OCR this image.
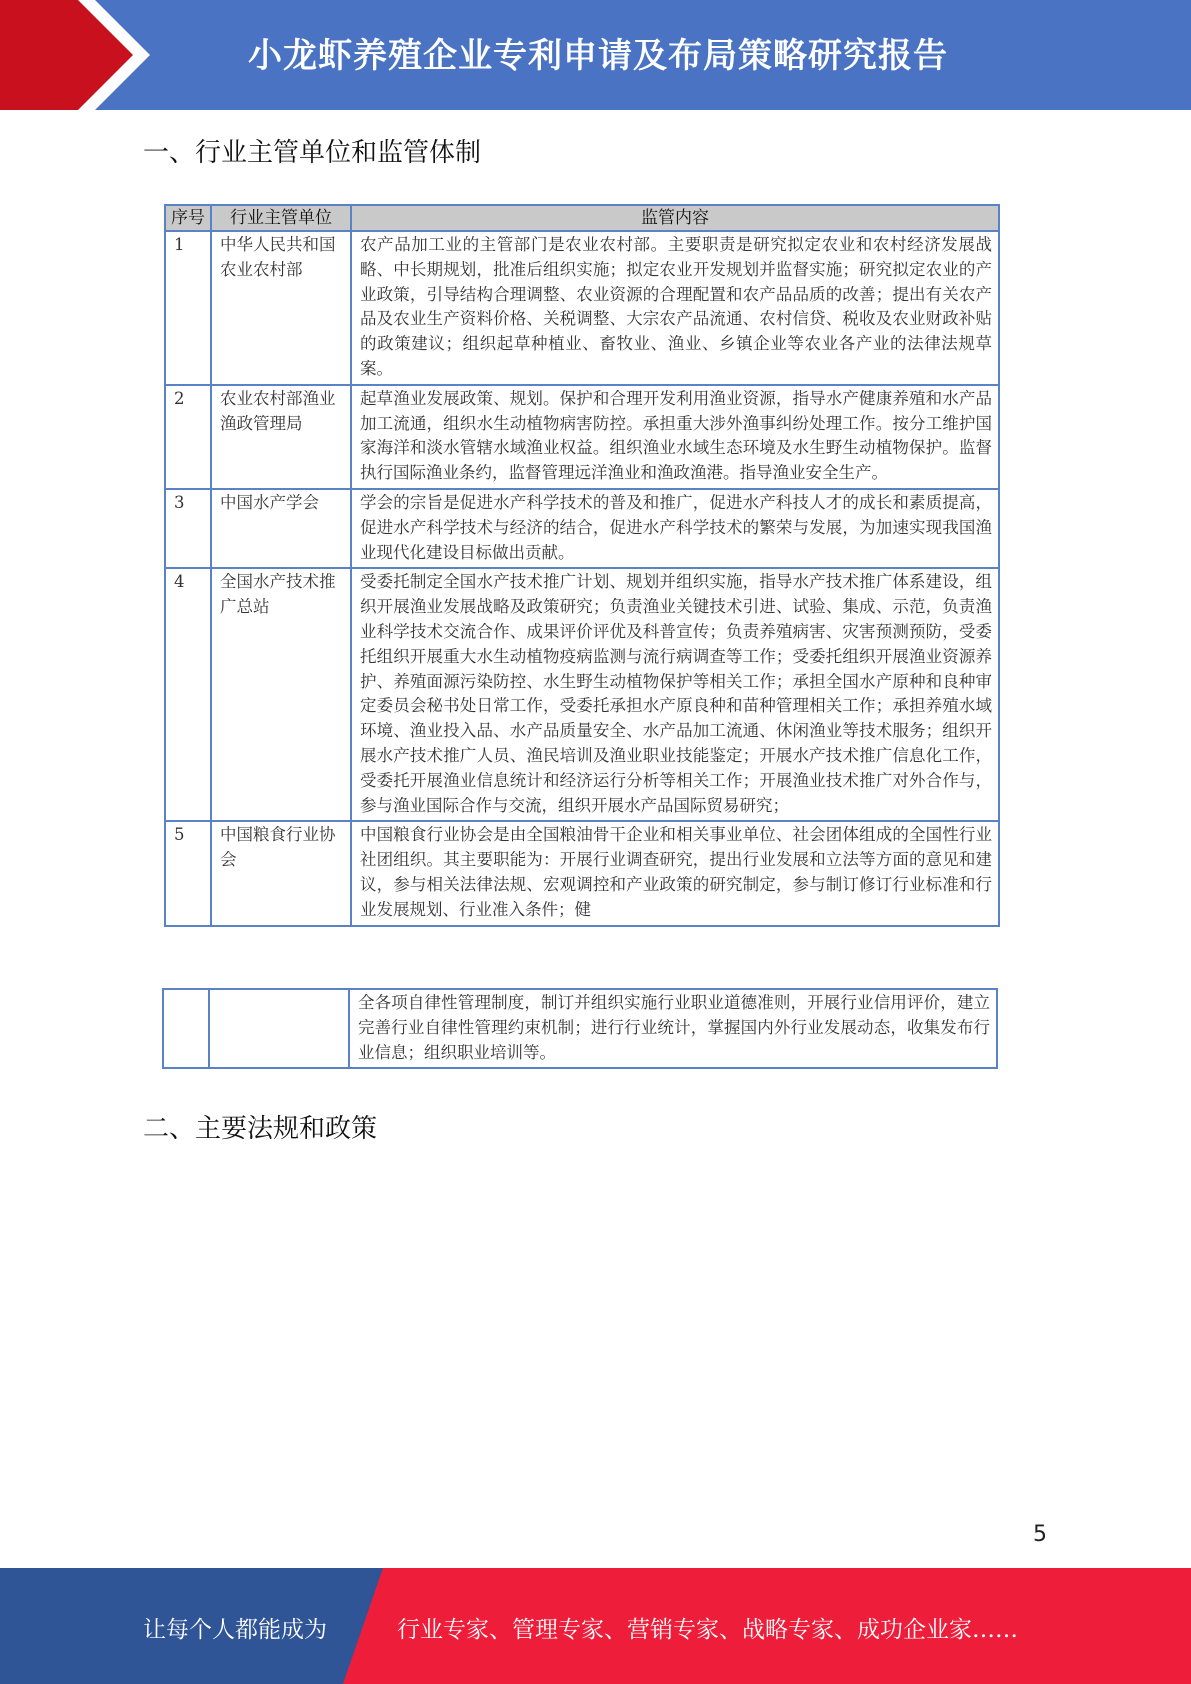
小龙虾养殖企业专利申请及布局策略研究报告
一、行业主管单位和监管体制
序号	行业主管单位	监管内容
1	中华人民共和国农业农村部	农产品加工业的主管部门是农业农村部。主要职责是研究拟定农业和农村经济发展战略、中长期规划，批准后组织实施；拟定农业开发规划并监督实施；研究拟定农业的产业政策，引导结构合理调整、农业资源的合理配置和农产品品质的改善；提出有关农产品及农业生产资料价格、关税调整、大宗农产品流通、农村信贷、税收及农业财政补贴的政策建议；组织起草种植业、畜牧业、渔业、乡镇企业等农业各产业的法律法规草案。
2	农业农村部渔业渔政管理局	起草渔业发展政策、规划。保护和合理开发利用渔业资源，指导水产健康养殖和水产品加工流通，组织水生动植物病害防控。承担重大涉外渔事纠纷处理工作。按分工维护国家海洋和淡水管辖水域渔业权益。组织渔业水域生态环境及水生野生动植物保护。监督执行国际渔业条约，监督管理远洋渔业和渔政渔港。指导渔业安全生产。
3	中国水产学会	学会的宗旨是促进水产科学技术的普及和推广，促进水产科技人才的成长和素质提高，促进水产科学技术与经济的结合，促进水产科学技术的繁荣与发展，为加速实现我国渔业现代化建设目标做出贡献。
4	全国水产技术推广总站	受委托制定全国水产技术推广计划、规划并组织实施，指导水产技术推广体系建设，组织开展渔业发展战略及政策研究；负责渔业关键技术引进、试验、集成、示范，负责渔业科学技术交流合作、成果评价评优及科普宣传；负责养殖病害、灾害预测预防，受委托组织开展重大水生动植物疫病监测与流行病调查等工作；受委托组织开展渔业资源养护、养殖面源污染防控、水生野生动植物保护等相关工作；承担全国水产原种和良种审定委员会秘书处日常工作，受委托承担水产原良种和苗种管理相关工作；承担养殖水域环境、渔业投入品、水产品质量安全、水产品加工流通、休闲渔业等技术服务；组织开展水产技术推广人员、渔民培训及渔业职业技能鉴定；开展水产技术推广信息化工作，受委托开展渔业信息统计和经济运行分析等相关工作；开展渔业技术推广对外合作与，参与渔业国际合作与交流，组织开展水产品国际贸易研究；
5	中国粮食行业协会	中国粮食行业协会是由全国粮油骨干企业和相关事业单位、社会团体组成的全国性行业社团组织。其主要职能为：开展行业调查研究，提出行业发展和立法等方面的意见和建议，参与相关法律法规、宏观调控和产业政策的研究制定，参与制订修订行业标准和行业发展规划、行业准入条件；健
		全各项自律性管理制度，制订并组织实施行业职业道德准则，开展行业信用评价，建立完善行业自律性管理约束机制；进行行业统计，掌握国内外行业发展动态，收集发布行业信息；组织职业培训等。
二、主要法规和政策
5
让每个人都能成为	行业专家、管理专家、营销专家、战略专家、成功企业家……
